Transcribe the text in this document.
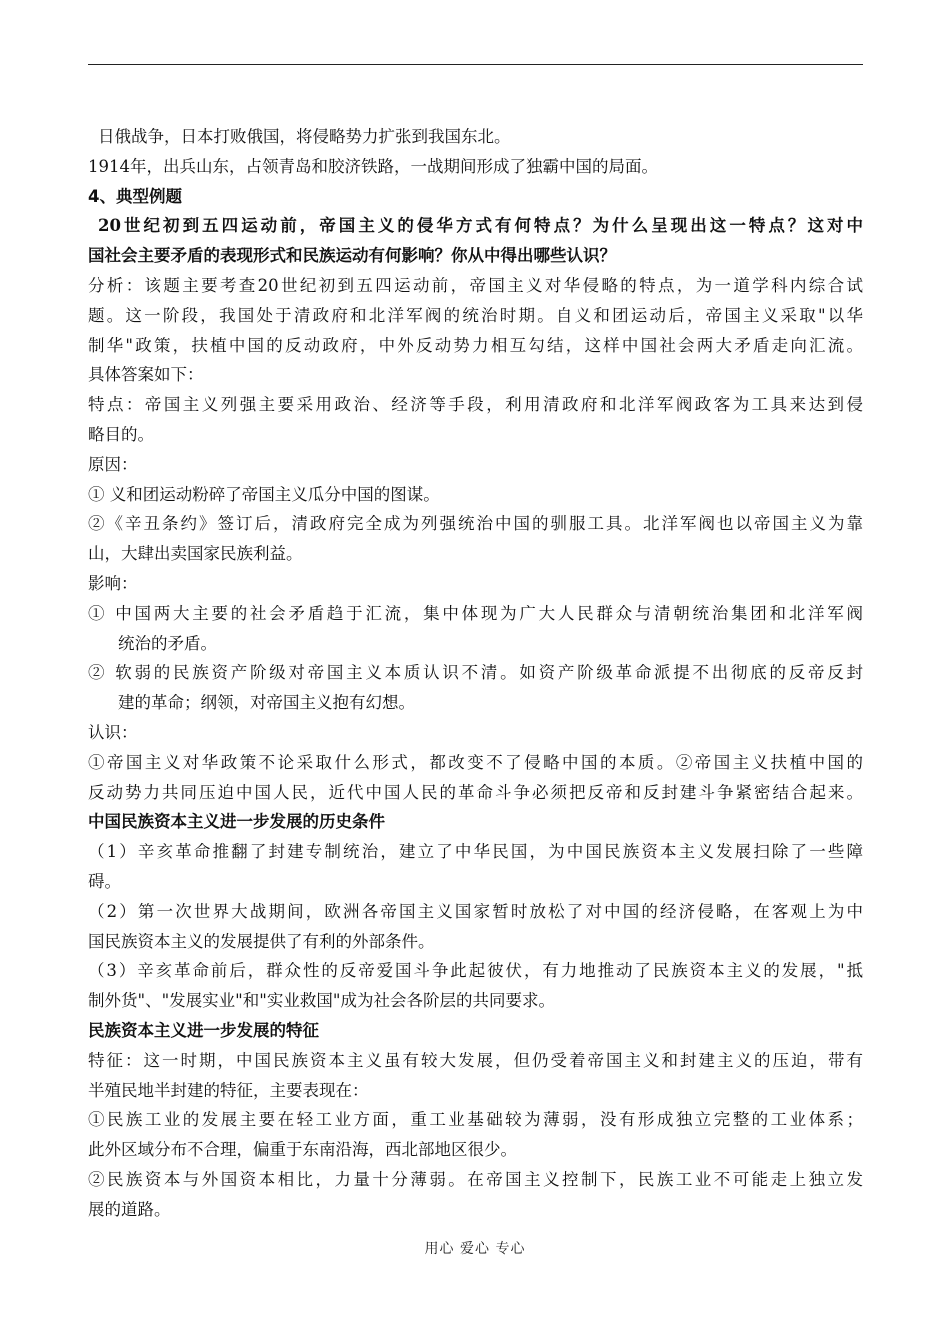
日俄战争，日本打败俄国，将侵略势力扩张到我国东北。
1914年，出兵山东，占领青岛和胶济铁路，一战期间形成了独霸中国的局面。
4、典型例题
20世纪初到五四运动前，帝国主义的侵华方式有何特点？为什么呈现出这一特点？这对中
国社会主要矛盾的表现形式和民族运动有何影响？你从中得出哪些认识？
分析：该题主要考查20世纪初到五四运动前，帝国主义对华侵略的特点，为一道学科内综合试
题。这一阶段，我国处于清政府和北洋军阀的统治时期。自义和团运动后，帝国主义采取"以华
制华"政策，扶植中国的反动政府，中外反动势力相互勾结，这样中国社会两大矛盾走向汇流。
具体答案如下：
特点：帝国主义列强主要采用政治、经济等手段，利用清政府和北洋军阀政客为工具来达到侵
略目的。
原因：
① 义和团运动粉碎了帝国主义瓜分中国的图谋。
②《辛丑条约》签订后，清政府完全成为列强统治中国的驯服工具。北洋军阀也以帝国主义为靠
山，大肆出卖国家民族利益。
影响：
① 中国两大主要的社会矛盾趋于汇流，集中体现为广大人民群众与清朝统治集团和北洋军阀
统治的矛盾。
② 软弱的民族资产阶级对帝国主义本质认识不清。如资产阶级革命派提不出彻底的反帝反封
建的革命；纲领，对帝国主义抱有幻想。
认识：
①帝国主义对华政策不论采取什么形式，都改变不了侵略中国的本质。②帝国主义扶植中国的
反动势力共同压迫中国人民，近代中国人民的革命斗争必须把反帝和反封建斗争紧密结合起来。
中国民族资本主义进一步发展的历史条件
（1）辛亥革命推翻了封建专制统治，建立了中华民国，为中国民族资本主义发展扫除了一些障
碍。
（2）第一次世界大战期间，欧洲各帝国主义国家暂时放松了对中国的经济侵略，在客观上为中
国民族资本主义的发展提供了有利的外部条件。
（3）辛亥革命前后，群众性的反帝爱国斗争此起彼伏，有力地推动了民族资本主义的发展，"抵
制外货"、"发展实业"和"实业救国"成为社会各阶层的共同要求。
民族资本主义进一步发展的特征
特征：这一时期，中国民族资本主义虽有较大发展，但仍受着帝国主义和封建主义的压迫，带有
半殖民地半封建的特征，主要表现在：
①民族工业的发展主要在轻工业方面，重工业基础较为薄弱，没有形成独立完整的工业体系；
此外区域分布不合理，偏重于东南沿海，西北部地区很少。
②民族资本与外国资本相比，力量十分薄弱。在帝国主义控制下，民族工业不可能走上独立发
展的道路。
用心 爱心 专心
